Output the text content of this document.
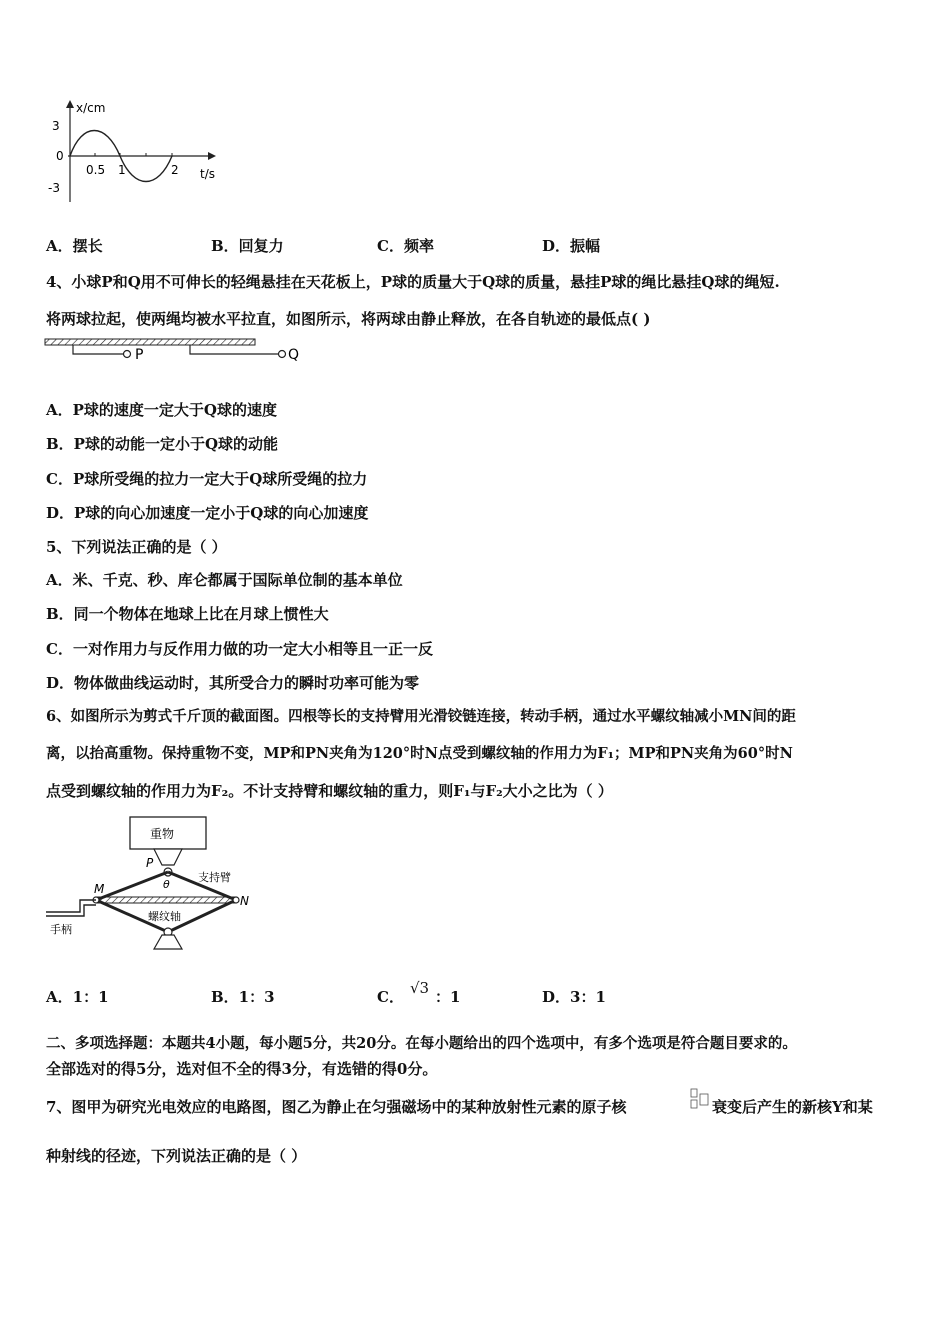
x/cm
3
0
-3
0.5 1	2 t/s
A．摆长	B．回复力	C．频率	D．振幅
4、小球P和Q用不可伸长的轻绳悬挂在天花板上，P球的质量大于Q球的质量，悬挂P球的绳比悬挂Q球的绳短.
将两球拉起，使两绳均被水平拉直，如图所示，将两球由静止释放，在各自轨迹的最低点( )
P	Q
A．P球的速度一定大于Q球的速度
B．P球的动能一定小于Q球的动能
C．P球所受绳的拉力一定大于Q球所受绳的拉力
D．P球的向心加速度一定小于Q球的向心加速度
5、下列说法正确的是（ ）
A．米、千克、秒、库仑都属于国际单位制的基本单位
B．同一个物体在地球上比在月球上惯性大
C．一对作用力与反作用力做的功一定大小相等且一正一反
D．物体做曲线运动时，其所受合力的瞬时功率可能为零
6、如图所示为剪式千斤顶的截面图。四根等长的支持臂用光滑铰链连接，转动手柄，通过水平螺纹轴减小MN间的距
离，以抬高重物。保持重物不变，MP和PN夹角为120°时N点受到螺纹轴的作用力为F₁；MP和PN夹角为60°时N
点受到螺纹轴的作用力为F₂。不计支持臂和螺纹轴的重力，则F₁与F₂大小之比为（ ）
重物
P
θ
支持臂
螺纹轴
M
N
手柄
A．1：1	B．1：3	C． √3 ：1	D．3：1
二、多项选择题：本题共4小题，每小题5分，共20分。在每小题给出的四个选项中，有多个选项是符合题目要求的。
全部选对的得5分，选对但不全的得3分，有选错的得0分。
7、图甲为研究光电效应的电路图，图乙为静止在匀强磁场中的某种放射性元素的原子核	衰变后产生的新核Y和某
种射线的径迹，下列说法正确的是（ ）
